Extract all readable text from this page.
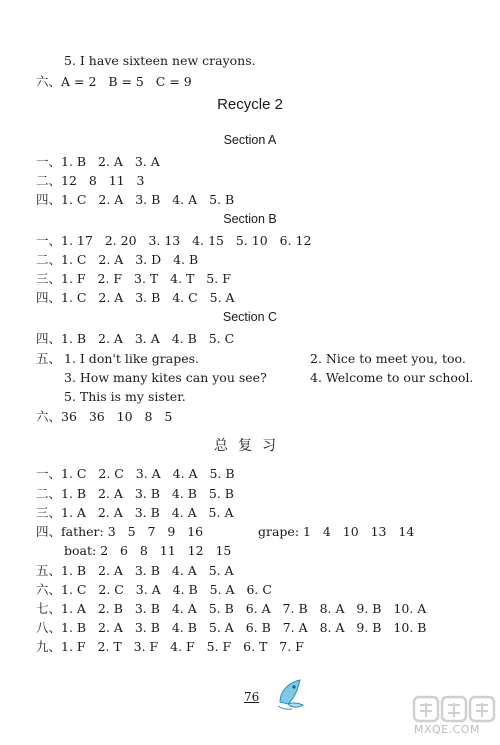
5. I have sixteen new crayons.
六、A = 2   B = 5   C = 9
Recycle 2
Section A
一、1. B   2. A   3. A
二、12   8   11   3
四、1. C   2. A   3. B   4. A   5. B
Section B
一、1. 17   2. 20   3. 13   4. 15   5. 10   6. 12
二、1. C   2. A   3. D   4. B
三、1. F   2. F   3. T   4. T   5. F
四、1. C   2. A   3. B   4. C   5. A
Section C
四、1. B   2. A   3. A   4. B   5. C
五、 1. I don't like grapes.	2. Nice to meet you, too.
3. How many kites can you see?	4. Welcome to our school.
5. This is my sister.
六、36   36   10   8   5
总复习
一、1. C   2. C   3. A   4. A   5. B
二、1. B   2. A   3. B   4. B   5. B
三、1. A   2. A   3. B   4. A   5. A
四、father: 3   5   7   9   16	grape: 1   4   10   13   14
boat: 2   6   8   11   12   15
五、1. B   2. A   3. B   4. A   5. A
六、1. C   2. C   3. A   4. B   5. A   6. C
七、1. A   2. B   3. B   4. A   5. B   6. A   7. B   8. A   9. B   10. A
八、1. B   2. A   3. B   4. B   5. A   6. B   7. A   8. A   9. B   10. B
九、1. F   2. T   3. F   4. F   5. F   6. T   7. F
76
MXQE.COM
